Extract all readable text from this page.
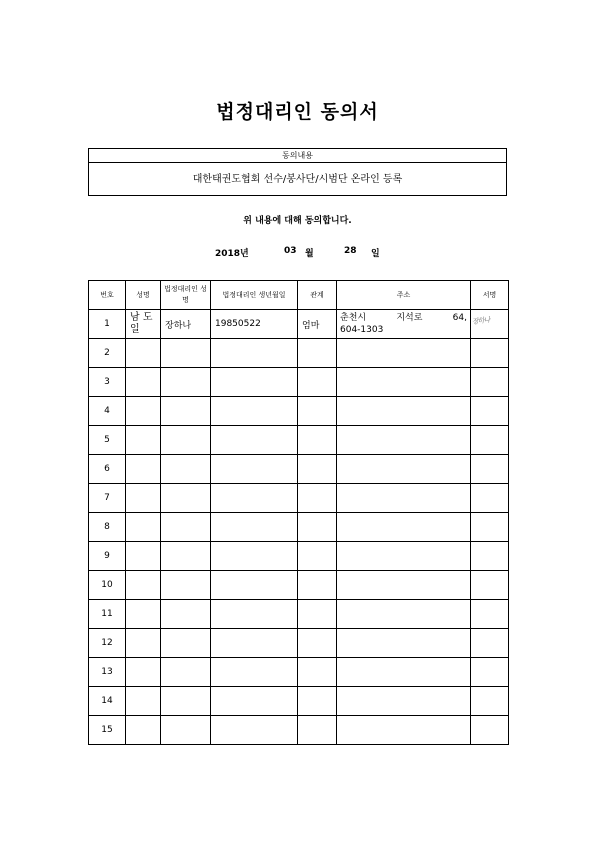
법정대리인 동의서
동의내용
대한태권도협회 선수/봉사단/시범단 온라인 등록
위 내용에 대해 동의합니다.
2018년	03 월	28 일
번호	성명	법정대리인 성명	법정대리인 생년월일	관계	주소	서명
1	남 도 일	장하나	19850522	엄마	춘천시 지석로 64,
604-1303	장하나

2						
3						
4						
5						
6						
7						
8						
9						
10						
11						
12						
13						
14						
15						
